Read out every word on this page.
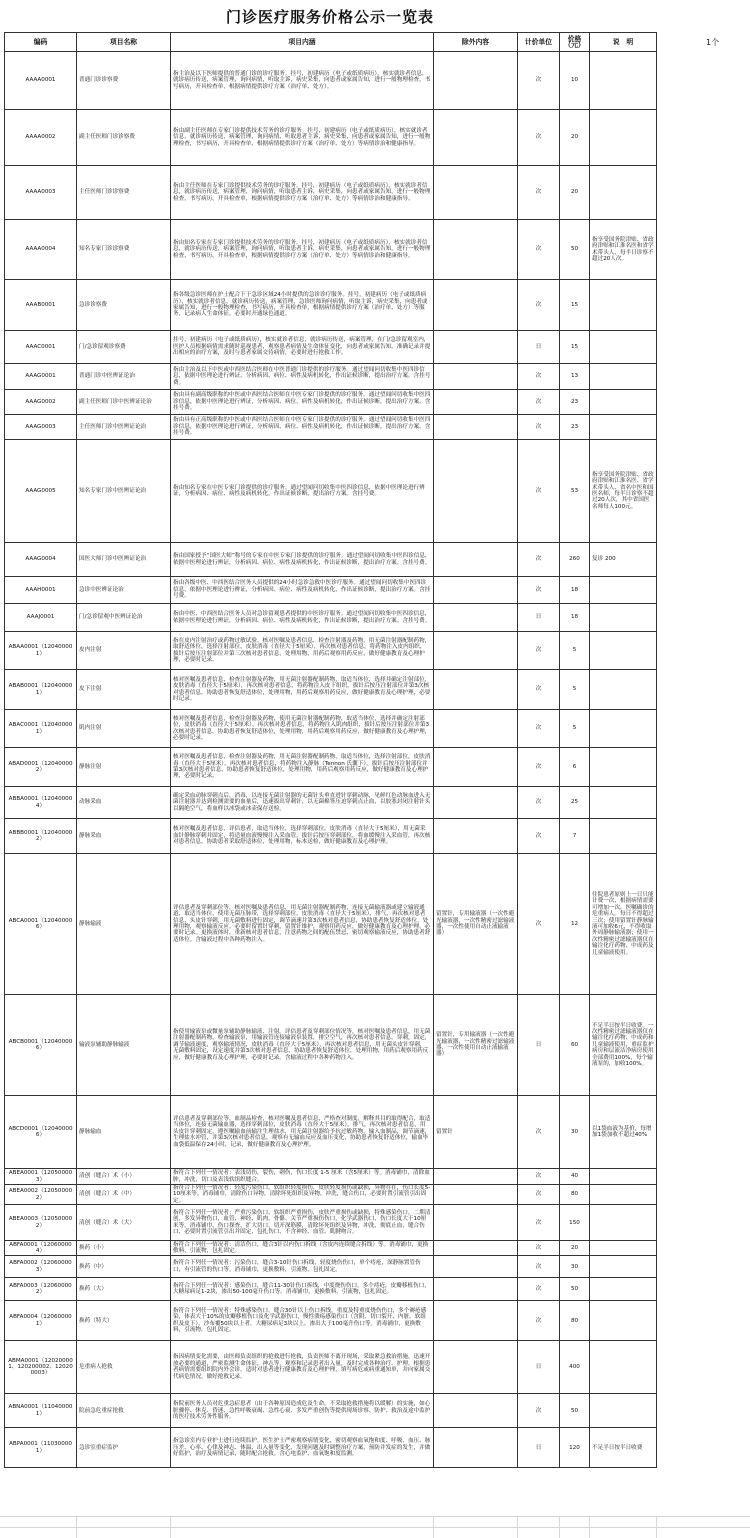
门诊医疗服务价格公示一览表
1个
编码	项目名称	项目内涵	除外内容	计价单位	价格（元）	说　明
AAAA0001	普通门诊诊察费	指主治及以下医师提供的普通门诊的诊疗服务。挂号，初建病历（电子或纸质病历），核实就诊者信息，就诊病历传送，病案管理，询问病情，听取主诉，病史采集，向患者或家属告知，进行一般物理检查，书写病历，开具检查单，根据病情提供诊疗方案（治疗单、处方）。		次	10	
AAAA0002	副主任医师门诊诊察费	指由副主任医师在专家门诊提供技术劳务的诊疗服务。挂号，初建病历（电子或纸质病历），核实就诊者信息，就诊病历传送，病案管理，询问病情，听取患者主诉，病史采集，向患者或家属告知，进行一般物理检查，书写病历，开具检查单，根据病情提供诊疗方案（治疗单、处方）等病情诊治和健康指导。		次	20	
AAAA0003	主任医师门诊诊察费	指由主任医师在专家门诊提供技术劳务的诊疗服务。挂号，初建病历（电子或纸质病历），核实就诊者信息，就诊病历传送，病案管理，询问病情，听取患者主诉，病史采集，向患者或家属告知，进行一般物理检查，书写病历，开具检查单，根据病情提供诊疗方案（治疗单、处方）等病情诊治和健康指导。		次	20	
AAAA0004	知名专家门诊诊察费	指由知名专家在专家门诊提供技术劳务的诊疗服务。挂号，初建病历（电子或纸质病历），核实就诊者信息，就诊病历传送，病案管理，询问病情，听取患者主诉，病史采集，向患者或家属告知，进行一般物理检查，书写病历，开具检查单，根据病情提供诊疗方案（治疗单、处方）等病情诊治和健康指导。		次	50	指享受国务院津贴、省政府津贴和江淮名医和省学术带头人，每半日诊察不超过20人次。
AAAB0001	急诊诊察费	指各级急诊医师在护士配合下于急诊区域24小时提供的急诊诊疗服务。挂号，初建病历（电子或纸质病历），核实就诊者信息，就诊病历传送，病案管理，急诊医师询问病情，听取主诉，病史采集，向患者或家属告知，进行一般物理检查，书写病历，开具检查单，根据病情提供诊疗方案（治疗单、处方）等服务，记录病人生命体征。必要时开通绿色通道。		次	15	
AAAC0001	门/急诊留观诊察费	挂号，初建病历（电子或纸质病历），核实就诊者信息，就诊病历传送，病案管理，在门/急诊留观室内，医护人员根据病情需求随时巡视患者，观察患者病情及生命体征变化，向患者或家属告知，准确记录并提出相应的治疗方案，及时与患者家属交待病情，必要时进行抢救工作。		日	15	
AAAG0001	普通门诊中医辨证论治	指由主治及以下中医或中西医结合医师在中医普通门诊提供的诊疗服务。通过望闻问切收集中医四诊信息，依据中医理论进行辨证，分析病因、病位、病性及病机转化，作出证候诊断，提出治疗方案。含挂号费。		次	13	
AAAG0002	副主任医师门诊中医辨证论治	指由具有副高级职称的中医或中西医结合医师在中医专家门诊提供的诊疗服务。通过望闻问切收集中医四诊信息，依据中医理论进行辨证，分析病因、病位、病性及病机转化，作出证候诊断，提出治疗方案。含挂号费。		次	23	
AAAG0003	主任医师门诊中医辨证论治	指由具有正高级职称的中医或中西医结合医师在中医专家门诊提供的诊疗服务。通过望闻问切收集中医四诊信息，依据中医理论进行辨证，分析病因、病位、病性及病机转化，作出证候诊断，提出治疗方案。含挂号费。		次	23	
AAAG0005	知名专家门诊中医辨证论治	指由知名专家在中医专家门诊提供的诊疗服务。通过望闻问切收集中医四诊信息，依据中医理论进行辨证，分析病因、病位、病性及病机转化，作出证候诊断，提出治疗方案。含挂号费。		次	53	指享受国务院津贴、省政府津贴和江淮名医、省学术带头人、省名中医和国医名师，每半日诊察不超过20人次，其中省国医名师每人100元。
AAAG0004	国医大师门诊中医辨证论治	指由国家授予“国医大师”称号的专家在中医专家门诊提供的诊疗服务。通过望闻问切收集中医四诊信息，依据中医理论进行辨证，分析病因、病位、病性及病机转化，作出证候诊断，提出治疗方案。含挂号费。		次	260	复诊 200
AAAH0001	急诊中医辨证论治	指由各级中医、中西医结合医务人员提供的24小时急诊急救中医诊疗服务。通过望闻问切收集中医四诊信息，依据中医理论进行辨证，分析病因、病位、病性及病机转化，作出证候诊断，提出治疗方案。含挂号费。		次	18	
AAAJ0001	门/急诊留观中医辨证论治	指由中医、中西医结合医务人员对急诊留观患者提供的中医诊疗服务。通过望闻问切收集中医四诊信息，依据中医理论进行辨证，分析病因、病位、病性及病机转化，作出证候诊断，提出治疗方案。含挂号费。		日	18	
ABAA0001（120400001）	皮内注射	指在皮内注射治疗或药物过敏试验。核对医嘱及患者信息，检查注射器及药物，用无菌注射器配制药物，取舒适体位，选择注射部位，皮肤消毒（直径大于5厘米），再次核对患者信息，将药物注入皮内组织，拔针后按压注射部位并第三次核对患者信息，处理用物，用药后观察用药反应，做好健康教育及心理护理，必要时记录。		次	5	
ABAB0001（120400001）	皮下注射	核对医嘱及患者信息，检查注射器及药物，用无菌注射器配制药物，取适当体位，选择并确定注射部位，皮肤消毒（直径大于5厘米），再次核对患者信息，将药物注入皮下组织，拔针后按压注射部位并第3次核对患者信息，协助患者恢复舒适体位，处理用物，用药后观察用药反应，做好健康教育及心理护理，必要时记录。		次	5	
ABAC0001（120400001）	肌内注射	核对医嘱及患者信息，检查注射器及药物，使用无菌注射器配制药物，取适当体位，选择并确定注射部位，皮肤消毒（直径大于5厘米），再次核对患者信息，将药物注入肌肉组织，拔针后按压注射部位并第3次核对患者信息，协助患者恢复舒适体位，处理用物，用药后观察用药反应，做好健康教育及心理护理，必要时记录。		次	5	
ABAD0001（120400002）	静脉注射	核对医嘱及患者信息，检查注射器及药物，用无菌注射器配制药物，取适当体位，选择注射部位，皮肤消毒（直径大于5厘米），再次核对患者信息，将药物注入静脉（Tennon 氏囊下），拔针后按压注射部位并第3次核对患者信息，协助患者恢复舒适体位，处理用物，用药后观察用药反应，做好健康教育及心理护理，必要时记录。		次	6	
ABBA0001（120400004）	动脉采血	确定采血动脉穿刺点后，消毒，以连接无菌注射器的无菌针头垂直进针穿刺动脉，见鲜红色动脉血进入无菌注射器并达到检测需要的血量后，迅速拔出穿刺针，以无菌棉签压迫穿刺点止血，以胶塞封闭注射针头以隔绝空气，将血样以冰袋或冰壶保存送检。		次	25	
ABBB0001（120400002）	静脉采血	核对医嘱及患者信息，评估患者，取适当体位，选择穿刺部位，皮肤消毒（直径大于5厘米），用无菌采血针静脉穿刺并固定，将适量血液慢慢注入采血管，拔针后按压穿刺部位，将血缓慢注入采血管，再次核对患者信息，协助患者采取舒适体位，处理用物，标本送检，做好健康教育及心理护理。		次	7	
ABCA0001（120400006）	静脉输液	评估患者及穿刺部位等，核对医嘱及患者信息，用无菌注射器配制药物，连接无菌输液器或建立输液通道，取适当体位，使用无菌压脉带，选择穿刺部位，皮肤消毒（直径大于5厘米），排气，再次核对患者信息，头皮针穿刺，用无菌敷料进行固定，调节滴速并第3次核对患者信息，协助患者恢复舒适体位，处理用物，观察输液反应。必要时留置针穿刺，留置针维护，观察用药反应，做好健康教育及心理护理，必要时记录。更换液体时，重新核对患者信息，注意药物之间的配伍禁忌，密切观察输液反应，协助患者舒适体位。含输液过程中各种药物注入。	留置针，专用输液器（一次性避光输液器，一次性精密过滤输液器，一次性使用自动止液输液器）	次	12	住院患者原则上一日只能计费一次，根据病情需要可增加一次，医嘱确诊的危重病人。每日不得超过三次；使用留置针静脉输液可加收6元，不得收取外周静脉输液器；使用一次性精密过滤输液器仅在输注化疗药物、中成药及儿童输液使用。
ABCB0001（120400006）	输液泵辅助静脉输液	指使用输液泵或微量泵辅助静脉输液、注射。评估患者及穿刺部位情况等，核对医嘱及患者信息，用无菌注射器配制药物，检查输液泵，用输液管连接输液泵装置，排空空气，再次核对患者信息，穿刺，固定，调节输液速度，观察输液情况，皮肤消毒（直径大于5厘米），再次核对患者信息，用无菌头皮针穿刺，无菌敷料固定，设定速度并第3次核对患者信息，协助患者恢复舒适体位，处理用物，用药后观察用药反应，做好健康教育及心理护理，必要时记录。含输液过程中各种药物注入。	留置针，专用输液器（一次性避光输液器，一次性精密过滤输液器，一次性使用自动止液输液器）	日	60	不足半日按半日收费。一次性精密过滤输液器仅在输注化疗药物、中成药和儿童输液使用，重症监护病房和层流洁净病房使用全部费用100%，每个输液泵的，加收100%。
ABCD0001（120400006）	静脉输血	评估患者及穿刺部位等，血制品检查，核对医嘱及患者信息，严格查对制度，解释其目的取得配合，取适当体位，连接无菌输血器，选择穿刺部位，皮肤消毒（直径大于5厘米），排气，再次核对患者信息，用头皮针穿刺固定，遵医嘱输血前输注生理盐水，用无菌注射器给予抗过敏药物，输入血制品，调节滴速，生理盐水冲管，并第3次核对患者信息，观察有无输血反应及血压变化，协助患者恢复舒适体位，输血毕血袋低温保存24小时，记录，做好健康教育及心理护理。	留置针	次	30	以1袋血液为基价，每增加1袋加收不超过40%
ABEA0001（120500003）	清创（缝合）术（小）	指符合下列任一情况者：表浅切伤，裂伤，刺伤，伤口长度 1-5 厘米（含5厘米）等。消毒铺巾，清除血肿，冲洗，切口及表浅软组织缝合。		次	40	
ABEA0002（120500002）	清创（缝合）术（中）	指符合下列任一情况者：轻度污染伤口，软组织轻度损伤，皮肤轻度损伤或缺损，异物存在，伤口长度5-10厘米等。消毒铺巾，清除伤口异物，清除坏死组织及异物，冲洗，缝合伤口，必要时置引流管引出固定。		次	80	
ABEA0003（120500002）	清创（缝合）术（大）	指符合下列任一情况者：严重污染伤口，软组织严重损伤，皮肤严重损伤或缺损，特殊感染伤口，二期清创，多发异物伤口，血管、神经、肌肉、骨骼、关节严重损伤伤口，化学武器伤口，伤口长度大于10厘米等。消毒铺巾，伤口探查，扩大切口，切开深筋膜，清除坏死组织及异物，冲洗，彻底止血，缝合伤口，必要时置引流管引出并固定，包扎伤口，不含神经、血管、肌腱吻合。		次	150	
ABFA0001（120600004）	换药（小）	指符合下列任一情况者：清洁伤口，缝合3针以内伤口拆线（含皮内连续缝合拆线）等。消毒铺巾，更换敷料，引流物，包扎固定。		次	20	
ABFA0002（120600003）	换药（中）	指符合下列任一情况者：污染伤口，缝合3-10针伤口拆线，轻度烧伤伤口，单个痔疮，深静脉置管伤口，有引流管的伤口等。消毒铺巾，更换敷料，引流物，包扎固定。		次	30	
ABFA0003（120600002）	换药（大）	指符合下列任一情况者：感染伤口，缝合11-30针伤口拆线，中度烧伤伤口，多个痔疮，皮瓣移植伤口，大糖尿病足1-2块，渗出50-100毫升伤口等。消毒铺巾，更换敷料，引流物，包扎固定。		次	50	
ABFA0004（120600001）	换药（特大）	指符合下列任一情况者：特殊感染伤口，缝合30针以上伤口拆线，重度及特重度烧伤伤口，多个褥疮感染，体表大于10%的皮瓣移植伤口及化学武器伤口，慢性溃疡感染伤口（含阴、切口裂开、内脏、软组织及皮下），沙布覆50块以上者，大糖尿病足3块以上，渗出大于100毫升伤口等。消毒铺巾，更换敷料，引流物，包扎固定。		次	80	
ABMA0001（120200001、120200002、120200003）	危重病人抢救	指因病情变化需要，由医师负责组织的抢救进行抢救，负责医师不离开现场，采取紧急救治措施，迅速开放必要的通道，严密监测生命体征，神志等，观察和记录患者出入量，及时完成各种治疗、护理，根据患者病情需要组织院内外会诊，适时对患者进行健康教育及心理护理，填写病危或病重通知单，并向家属交代病危情况，做好抢救记录。		日	400	
ABNA0001（110400001）	院前急危重症抢救	指院前医务人员对危重急症患者（由于各种原因造成危及生命，不采取抢救措施将以缓解）的实施，如心脏骤停、休克、昏迷、急性呼吸衰竭、急性心衰、多发严重创伤等提供现场诊察、防护、救治及途中监护的医疗技术劳务性服务。		次	50	
ABPA0001（110300001）	急诊室重症监护	指急诊室内专业护士进行连续监护。医生护士严密观察病情变化，密切观察血氧饱和度、呼吸、血压、脉压差、心率、心律及神志、体温、出入量等变化，发现问题及时调整治疗方案，预防并发症的发生，并做好监护，治疗及病情记录，随时配合抢救。含心电监护、血氧饱和度监测。		日	120	不足半日按半日收费
